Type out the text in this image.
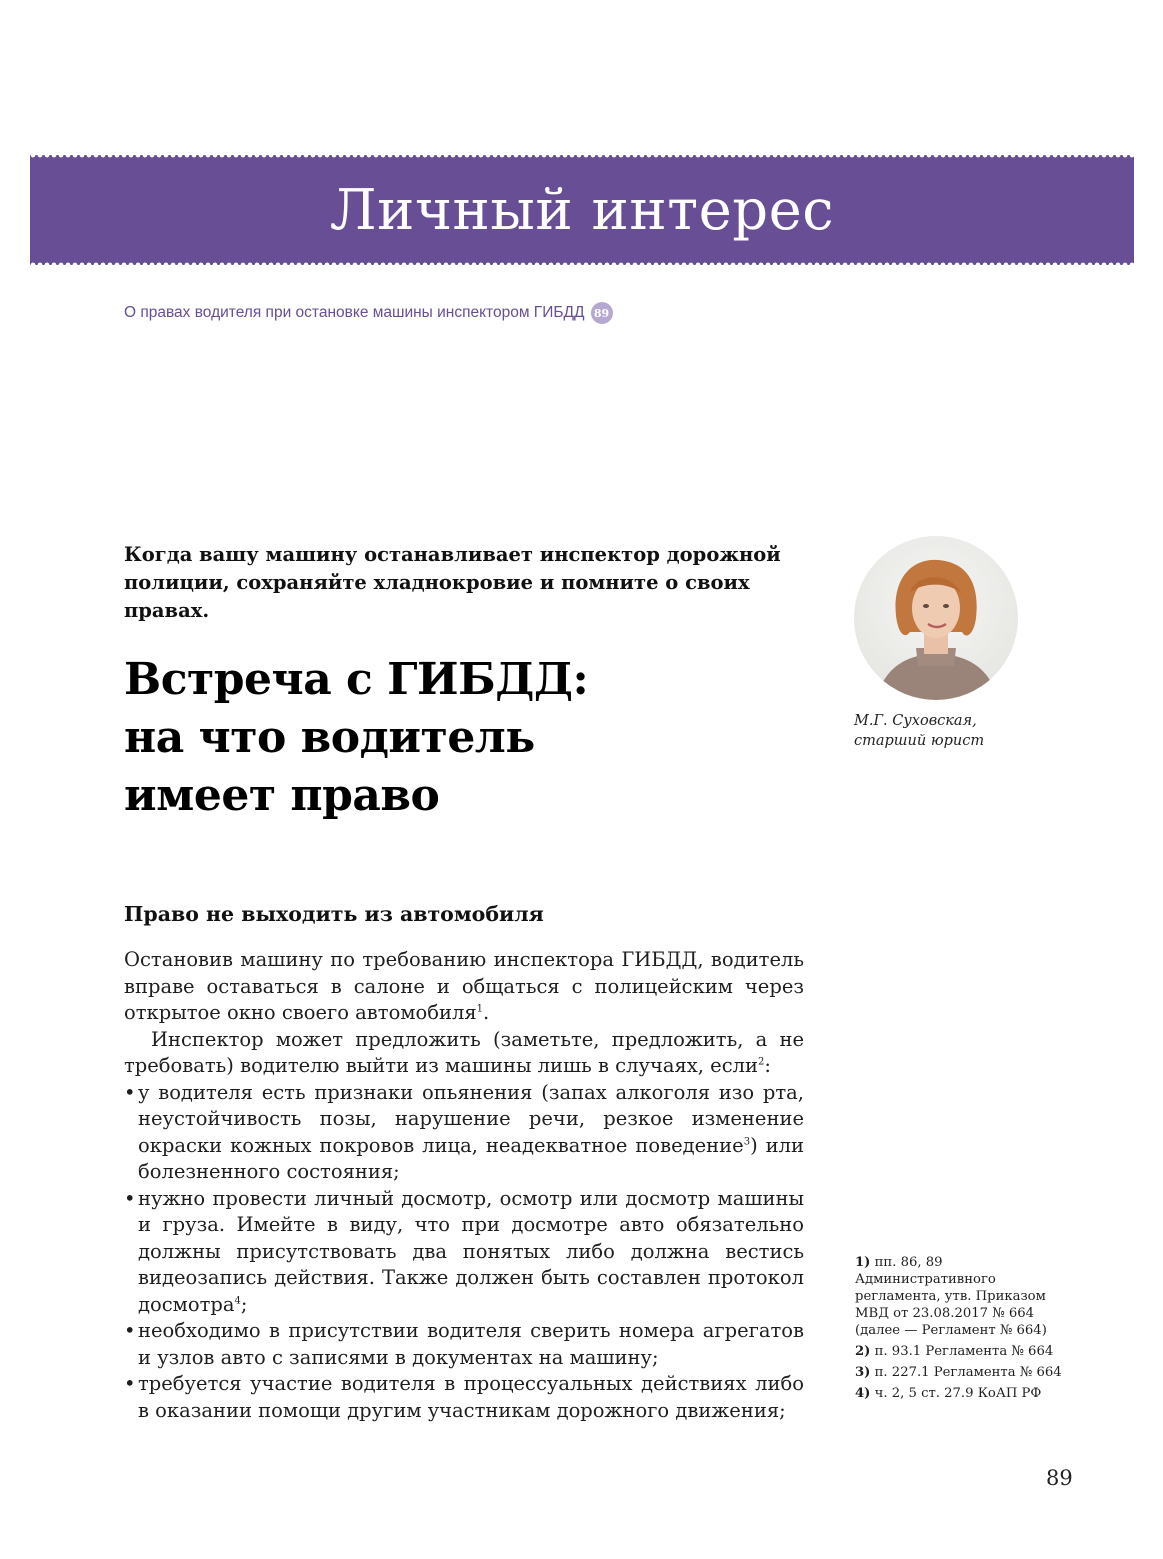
Личный интерес
О правах водителя при остановке машины инспектором ГИБДД 89
Когда вашу машину останавливает инспектор дорожной полиции, сохраняйте хладнокровие и помните о своих правах.
Встреча с ГИБДД:
на что водитель
имеет право
М.Г. Суховская,
старший юрист
Право не выходить из автомобиля

Остановив машину по требованию инспектора ГИБДД, водитель вправе оставаться в салоне и общаться с полицейским через открытое окно своего автомобиля$^1$.

Инспектор может предложить (заметьте, предложить, а не требовать) водителю выйти из машины лишь в случаях, если$^2$:

• у водителя есть признаки опьянения (запах алкоголя изо рта, неустойчивость позы, нарушение речи, резкое изменение окраски кожных покровов лица, неадекватное поведение$^3$) или болезненного состояния;
• нужно провести личный досмотр, осмотр или досмотр машины и груза. Имейте в виду, что при досмотре авто обязательно должны присутствовать два понятых либо должна вестись видеозапись действия. Также должен быть составлен протокол досмотра$^4$;
• необходимо в присутствии водителя сверить номера агрегатов и узлов авто с записями в документах на машину;
• требуется участие водителя в процессуальных действиях либо в оказании помощи другим участникам дорожного движения;

1) пп. 86, 89 Административного регламента, утв. Приказом МВД от 23.08.2017 № 664 (далее — Регламент № 664)

2) п. 93.1 Регламента № 664

3) п. 227.1 Регламента № 664

4) ч. 2, 5 ст. 27.9 КоАП РФ

89
